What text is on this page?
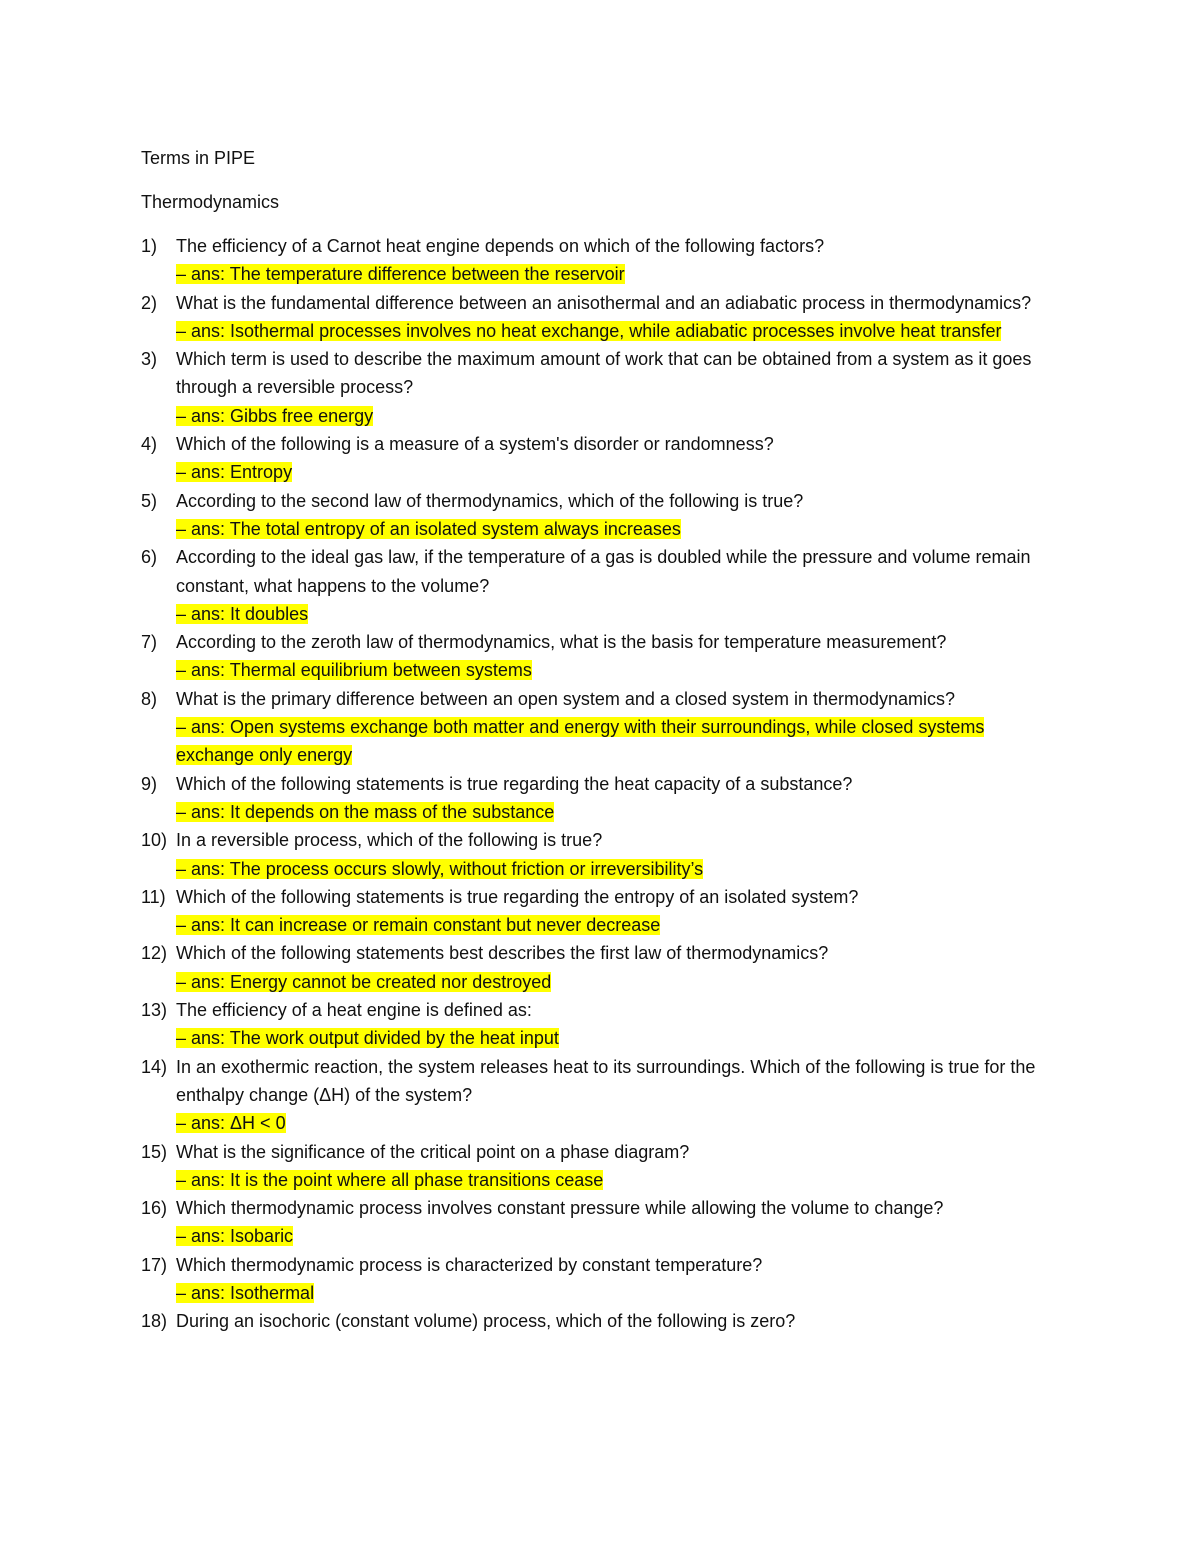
Terms in PIPE
Thermodynamics
1) The efficiency of a Carnot heat engine depends on which of the following factors?
– ans: The temperature difference between the reservoir
2) What is the fundamental difference between an anisothermal and an adiabatic process in thermodynamics?
– ans: Isothermal processes involves no heat exchange, while adiabatic processes involve heat transfer
3) Which term is used to describe the maximum amount of work that can be obtained from a system as it goes through a reversible process?
– ans: Gibbs free energy
4) Which of the following is a measure of a system's disorder or randomness?
– ans: Entropy
5) According to the second law of thermodynamics, which of the following is true?
– ans: The total entropy of an isolated system always increases
6) According to the ideal gas law, if the temperature of a gas is doubled while the pressure and volume remain constant, what happens to the volume?
– ans: It doubles
7) According to the zeroth law of thermodynamics, what is the basis for temperature measurement?
– ans: Thermal equilibrium between systems
8) What is the primary difference between an open system and a closed system in thermodynamics?
– ans: Open systems exchange both matter and energy with their surroundings, while closed systems exchange only energy
9) Which of the following statements is true regarding the heat capacity of a substance?
– ans: It depends on the mass of the substance
10) In a reversible process, which of the following is true?
– ans: The process occurs slowly, without friction or irreversibility’s
11) Which of the following statements is true regarding the entropy of an isolated system?
– ans: It can increase or remain constant but never decrease
12) Which of the following statements best describes the first law of thermodynamics?
– ans: Energy cannot be created nor destroyed
13) The efficiency of a heat engine is defined as:
– ans: The work output divided by the heat input
14) In an exothermic reaction, the system releases heat to its surroundings. Which of the following is true for the enthalpy change (ΔH) of the system?
– ans: ΔH < 0
15) What is the significance of the critical point on a phase diagram?
– ans: It is the point where all phase transitions cease
16) Which thermodynamic process involves constant pressure while allowing the volume to change?
– ans: Isobaric
17) Which thermodynamic process is characterized by constant temperature?
– ans: Isothermal
18) During an isochoric (constant volume) process, which of the following is zero?
